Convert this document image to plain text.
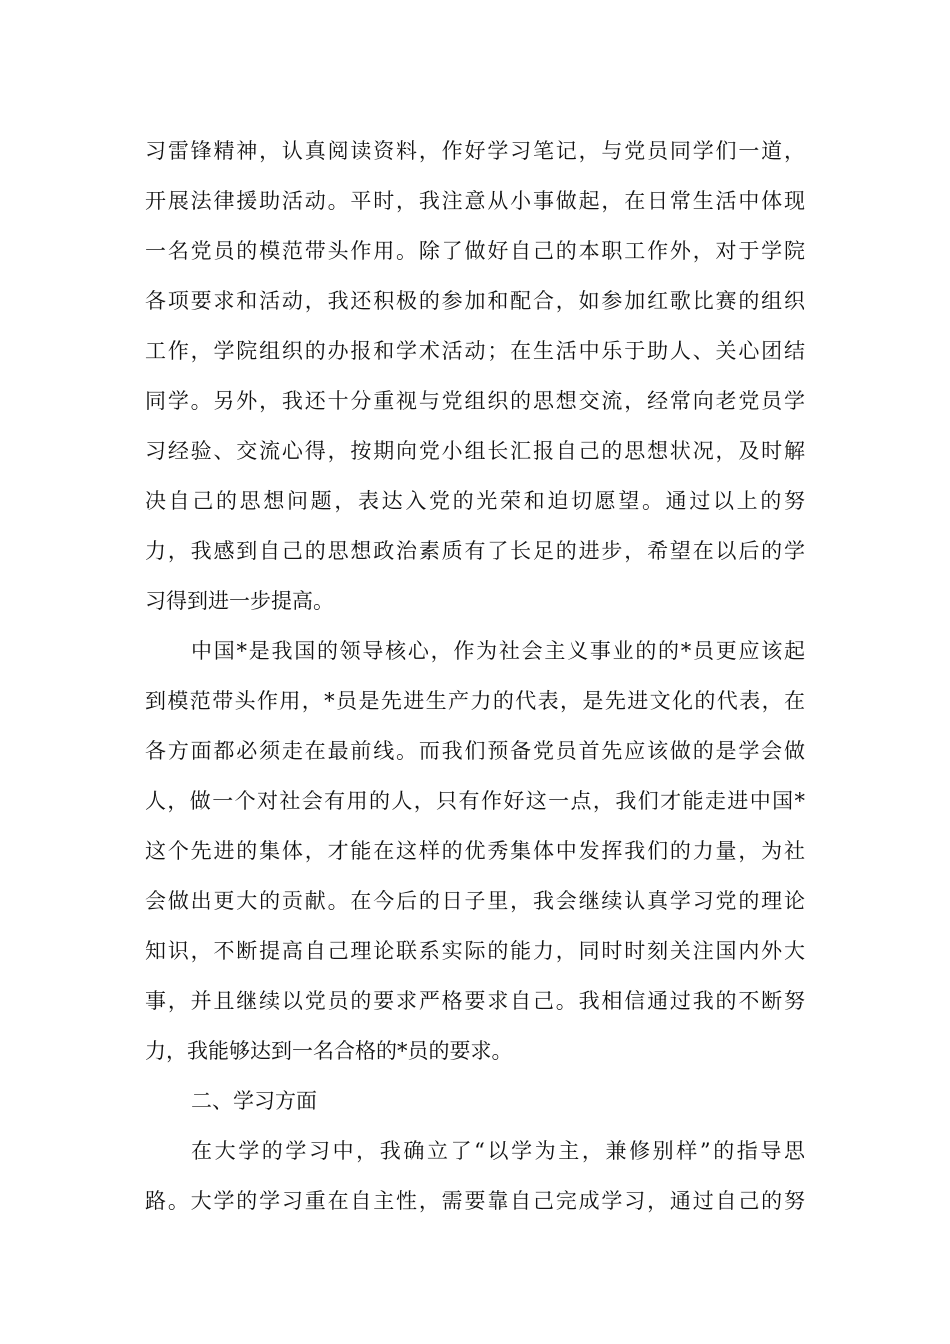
习雷锋精神，认真阅读资料，作好学习笔记，与党员同学们一道，
开展法律援助活动。平时，我注意从小事做起，在日常生活中体现
一名党员的模范带头作用。除了做好自己的本职工作外，对于学院
各项要求和活动，我还积极的参加和配合，如参加红歌比赛的组织
工作，学院组织的办报和学术活动；在生活中乐于助人、关心团结
同学。另外，我还十分重视与党组织的思想交流，经常向老党员学
习经验、交流心得，按期向党小组长汇报自己的思想状况，及时解
决自己的思想问题，表达入党的光荣和迫切愿望。通过以上的努
力，我感到自己的思想政治素质有了长足的进步，希望在以后的学
习得到进一步提高。
中国*是我国的领导核心，作为社会主义事业的的*员更应该起
到模范带头作用，*员是先进生产力的代表，是先进文化的代表，在
各方面都必须走在最前线。而我们预备党员首先应该做的是学会做
人，做一个对社会有用的人，只有作好这一点，我们才能走进中国*
这个先进的集体，才能在这样的优秀集体中发挥我们的力量，为社
会做出更大的贡献。在今后的日子里，我会继续认真学习党的理论
知识，不断提高自己理论联系实际的能力，同时时刻关注国内外大
事，并且继续以党员的要求严格要求自己。我相信通过我的不断努
力，我能够达到一名合格的*员的要求。
二、学习方面
在大学的学习中，我确立了“以学为主，兼修别样”的指导思
路。大学的学习重在自主性，需要靠自己完成学习，通过自己的努
